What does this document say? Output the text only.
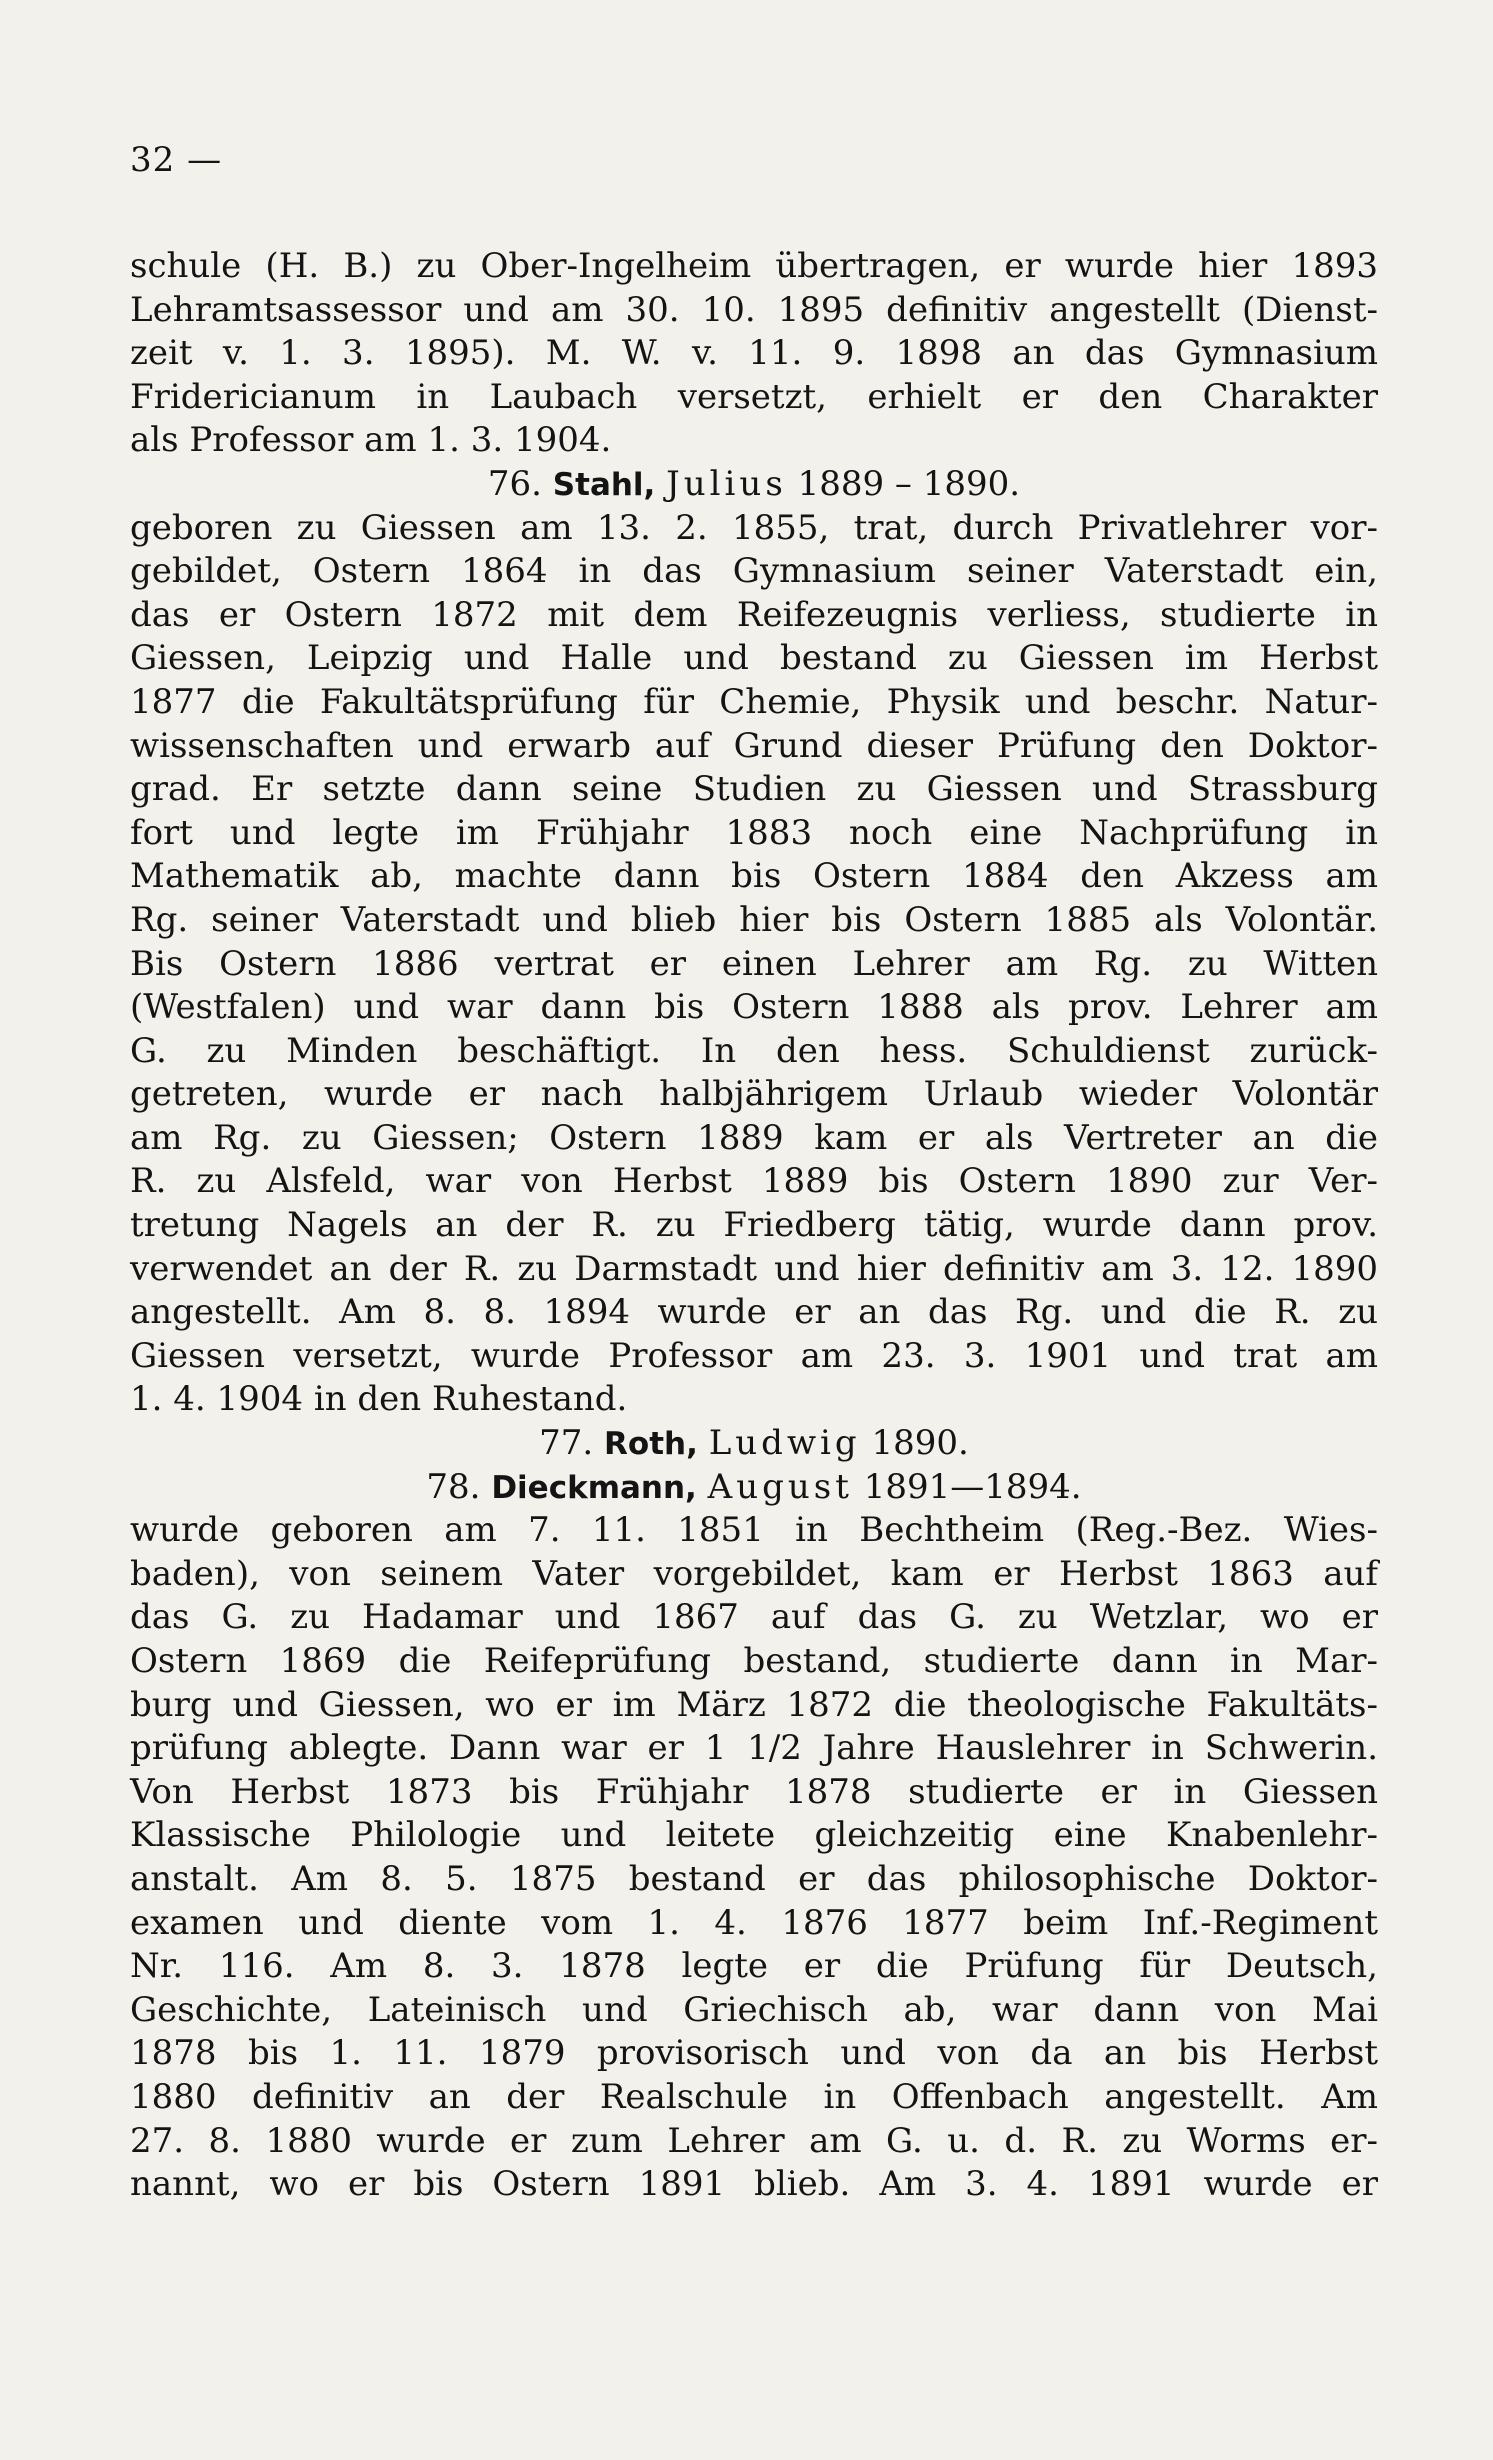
32 —
schule (H. B.) zu Ober-Ingelheim übertragen, er wurde hier 1893
Lehramtsassessor und am 30. 10. 1895 definitiv angestellt (Dienst-
zeit v. 1. 3. 1895). M. W. v. 11. 9. 1898 an das Gymnasium
Fridericianum in Laubach versetzt, erhielt er den Charakter
als Professor am 1. 3. 1904.
76. Stahl, Julius 1889 – 1890.
geboren zu Giessen am 13. 2. 1855, trat, durch Privatlehrer vor-
gebildet, Ostern 1864 in das Gymnasium seiner Vaterstadt ein,
das er Ostern 1872 mit dem Reifezeugnis verliess, studierte in
Giessen, Leipzig und Halle und bestand zu Giessen im Herbst
1877 die Fakultätsprüfung für Chemie, Physik und beschr. Natur-
wissenschaften und erwarb auf Grund dieser Prüfung den Doktor-
grad. Er setzte dann seine Studien zu Giessen und Strassburg
fort und legte im Frühjahr 1883 noch eine Nachprüfung in
Mathematik ab, machte dann bis Ostern 1884 den Akzess am
Rg. seiner Vaterstadt und blieb hier bis Ostern 1885 als Volontär.
Bis Ostern 1886 vertrat er einen Lehrer am Rg. zu Witten
(Westfalen) und war dann bis Ostern 1888 als prov. Lehrer am
G. zu Minden beschäftigt. In den hess. Schuldienst zurück-
getreten, wurde er nach halbjährigem Urlaub wieder Volontär
am Rg. zu Giessen; Ostern 1889 kam er als Vertreter an die
R. zu Alsfeld, war von Herbst 1889 bis Ostern 1890 zur Ver-
tretung Nagels an der R. zu Friedberg tätig, wurde dann prov.
verwendet an der R. zu Darmstadt und hier definitiv am 3. 12. 1890
angestellt. Am 8. 8. 1894 wurde er an das Rg. und die R. zu
Giessen versetzt, wurde Professor am 23. 3. 1901 und trat am
1. 4. 1904 in den Ruhestand.
77. Roth, Ludwig 1890.
78. Dieckmann, August 1891—1894.
wurde geboren am 7. 11. 1851 in Bechtheim (Reg.-Bez. Wies-
baden), von seinem Vater vorgebildet, kam er Herbst 1863 auf
das G. zu Hadamar und 1867 auf das G. zu Wetzlar, wo er
Ostern 1869 die Reifeprüfung bestand, studierte dann in Mar-
burg und Giessen, wo er im März 1872 die theologische Fakultäts-
prüfung ablegte. Dann war er 1 1/2 Jahre Hauslehrer in Schwerin.
Von Herbst 1873 bis Frühjahr 1878 studierte er in Giessen
Klassische Philologie und leitete gleichzeitig eine Knabenlehr-
anstalt. Am 8. 5. 1875 bestand er das philosophische Doktor-
examen und diente vom 1. 4. 1876 1877 beim Inf.-Regiment
Nr. 116. Am 8. 3. 1878 legte er die Prüfung für Deutsch,
Geschichte, Lateinisch und Griechisch ab, war dann von Mai
1878 bis 1. 11. 1879 provisorisch und von da an bis Herbst
1880 definitiv an der Realschule in Offenbach angestellt. Am
27. 8. 1880 wurde er zum Lehrer am G. u. d. R. zu Worms er-
nannt, wo er bis Ostern 1891 blieb. Am 3. 4. 1891 wurde er
